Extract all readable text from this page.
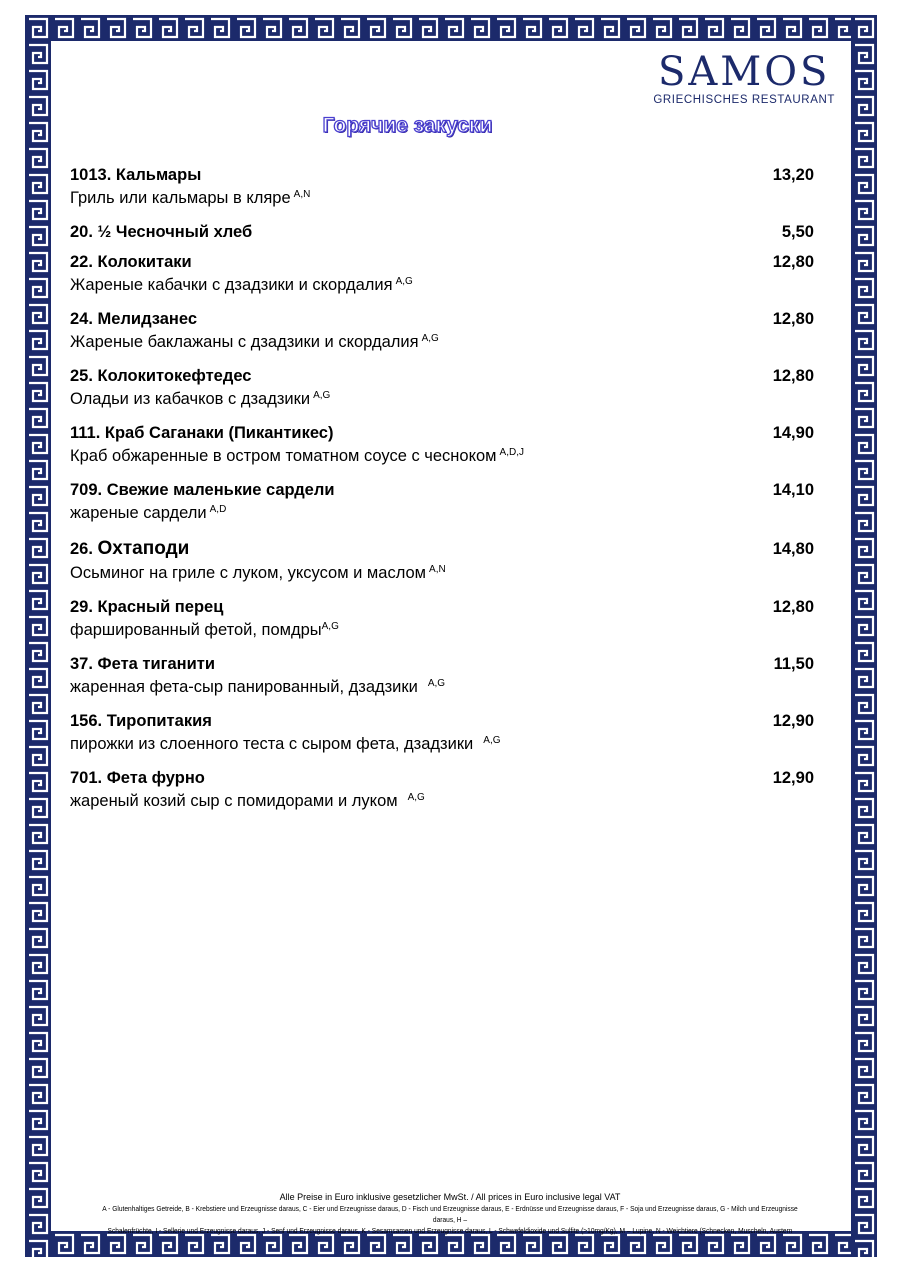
SAMOS
GRIECHISCHES RESTAURANT
Горячие закуски
1013. Кальмары	13,20
Гриль или кальмары в кляре $^{A,N}$
20. ½ Чесночный хлеб	5,50
22. Колокитаки	12,80
Жареные кабачки с дзадзики и скордалия $^{A,G}$
24. Мелидзанес	12,80
Жареные баклажаны с дзадзики и скордалия $^{A,G}$
25. Колокитокефтедес	12,80
Оладьи из кабачков с дзадзики $^{A,G}$
111. Краб Саганаки (Пикантикес)	14,90
Краб обжаренные в остром томатном соусе с чесноком $^{A,D,J}$
709. Свежие маленькие сардели	14,10
жареные сардели $^{A,D}$
26. Охтаподи	14,80
Осьминог на гриле с луком, уксусом и маслом $^{A,N}$
29. Красный перец	12,80
фаршированный фетой, помдры$^{A,G}$
37. Фета тиганити	11,50
жаренная фета-сыр панированный, дзадзики $^{A,G}$
156. Тиропитакия	12,90
пирожки из слоенного теста с сыром фета, дзадзики $^{A,G}$
701. Фета фурно	12,90
жареный козий сыр с помидорами и луком $^{A,G}$
Alle Preise in Euro inklusive gesetzlicher MwSt. / All prices in Euro inclusive legal VAT
A - Glutenhaltiges Getreide, B - Krebstiere und Erzeugnisse daraus, C - Eier und Erzeugnisse daraus, D - Fisch und Erzeugnisse daraus, E - Erdnüsse und Erzeugnisse daraus, F - Soja und Erzeugnisse daraus, G - Milch und Erzeugnisse daraus, H –
Schalenfrüchte, I - Sellerie und Erzeugnisse daraus, J - Senf und Erzeugnisse daraus, K - Sesamsamen und Erzeugnisse daraus, L - Schwefeldioxide und Sulfite (>10mg/Kg), M – Lupine, N - Weichtiere (Schnecken, Muscheln, Austern
